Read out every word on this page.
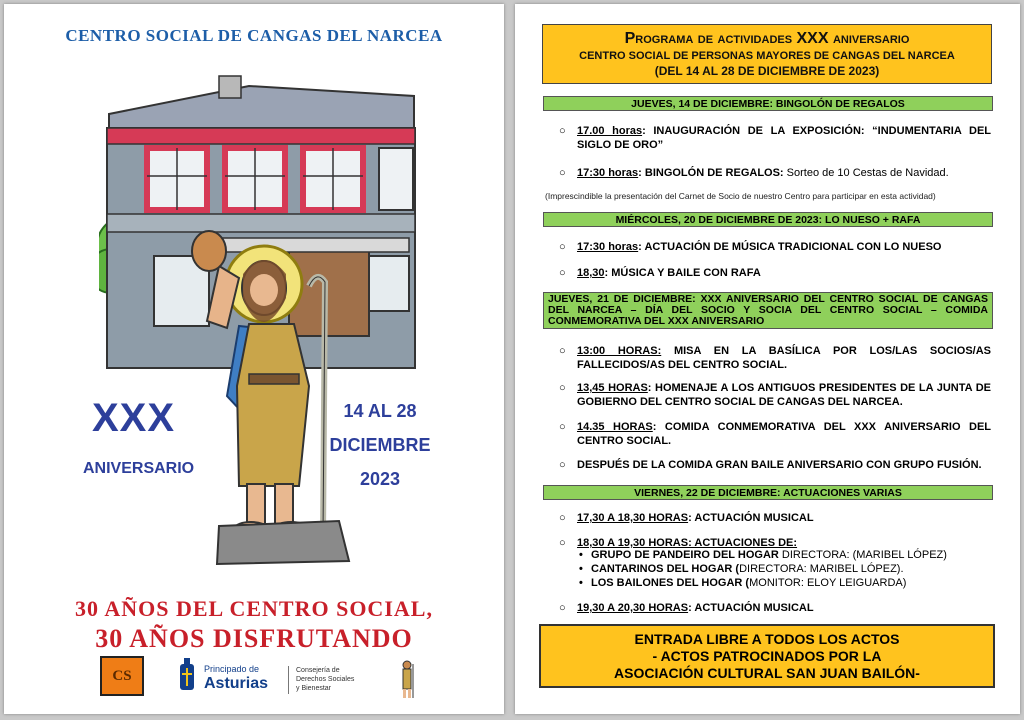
CENTRO SOCIAL DE CANGAS DEL NARCEA
XXX
ANIVERSARIO
14 AL 28
DICIEMBRE
2023
30 AÑOS DEL CENTRO SOCIAL,
30 AÑOS DISFRUTANDO
CS	Principado de
Asturias
Consejería de
Derechos Sociales
y Bienestar
Programa de actividades XXX aniversario
CENTRO SOCIAL DE PERSONAS MAYORES DE CANGAS DEL NARCEA
(DEL 14 AL 28 DE DICIEMBRE DE 2023)
JUEVES, 14 DE DICIEMBRE: BINGOLÓN DE REGALOS
○ 17.00 horas: INAUGURACIÓN DE LA EXPOSICIÓN: “INDUMENTARIA DEL SIGLO DE ORO”
○ 17:30 horas: BINGOLÓN DE REGALOS: Sorteo de 10 Cestas de Navidad.
(Imprescindible la presentación del Carnet de Socio de nuestro Centro para participar en esta actividad)
MIÉRCOLES, 20 DE DICIEMBRE DE 2023: LO NUESO + RAFA
○ 17:30 horas: ACTUACIÓN DE MÚSICA TRADICIONAL CON LO NUESO
○ 18,30: MÚSICA Y BAILE CON RAFA
JUEVES, 21 DE DICIEMBRE: XXX ANIVERSARIO DEL CENTRO SOCIAL DE CANGAS DEL NARCEA – DÍA DEL SOCIO Y SOCIA DEL CENTRO SOCIAL – COMIDA CONMEMORATIVA DEL XXX ANIVERSARIO
○ 13:00 HORAS: MISA EN LA BASÍLICA POR LOS/LAS SOCIOS/AS FALLECIDOS/AS DEL CENTRO SOCIAL.
○ 13,45 HORAS: HOMENAJE A LOS ANTIGUOS PRESIDENTES DE LA JUNTA DE GOBIERNO DEL CENTRO SOCIAL DE CANGAS DEL NARCEA.
○ 14.35 HORAS: COMIDA CONMEMORATIVA DEL XXX ANIVERSARIO DEL CENTRO SOCIAL.
○ DESPUÉS DE LA COMIDA GRAN BAILE ANIVERSARIO CON GRUPO FUSIÓN.
VIERNES, 22 DE DICIEMBRE: ACTUACIONES VARIAS
○ 17,30 A 18,30 HORAS: ACTUACIÓN MUSICAL
○ 18,30 A 19,30 HORAS: ACTUACIONES DE:
• GRUPO DE PANDEIRO DEL HOGAR DIRECTORA: (MARIBEL LÓPEZ)
• CANTARINOS DEL HOGAR (DIRECTORA: MARIBEL LÓPEZ).
• LOS BAILONES DEL HOGAR (MONITOR: ELOY LEIGUARDA)
○ 19,30 A 20,30 HORAS: ACTUACIÓN MUSICAL
ENTRADA LIBRE A TODOS LOS ACTOS
- ACTOS PATROCINADOS POR LA
ASOCIACIÓN CULTURAL SAN JUAN BAILÓN-
